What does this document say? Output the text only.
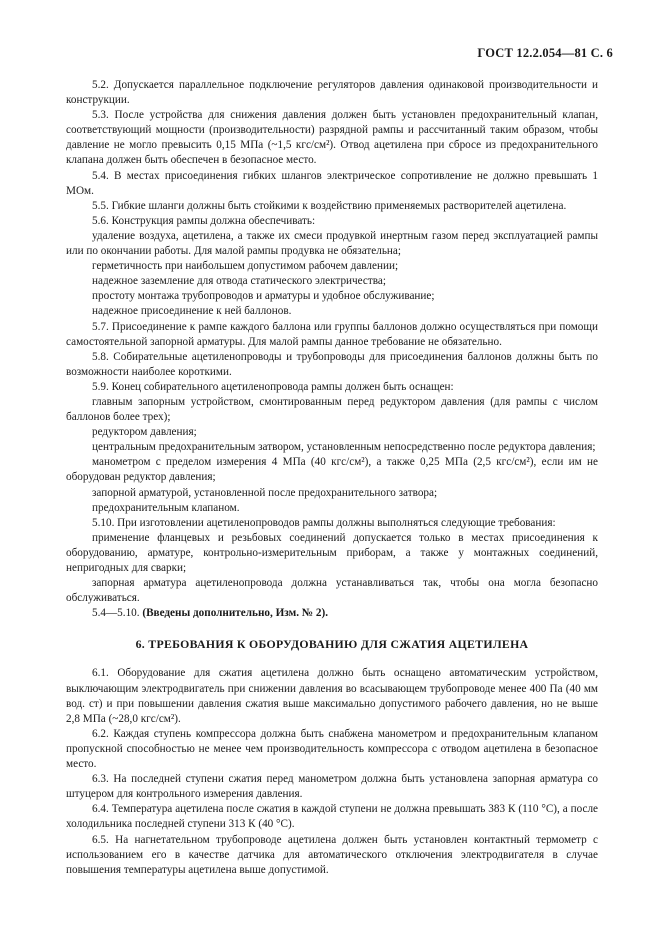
ГОСТ 12.2.054—81 С. 6

5.2. Допускается параллельное подключение регуляторов давления одинаковой производительности и конструкции.

5.3. После устройства для снижения давления должен быть установлен предохранительный клапан, соответствующий мощности (производительности) разрядной рампы и рассчитанный таким образом, чтобы давление не могло превысить 0,15 МПа (~1,5 кгс/см²). Отвод ацетилена при сбросе из предохранительного клапана должен быть обеспечен в безопасное место.

5.4. В местах присоединения гибких шлангов электрическое сопротивление не должно превышать 1 МОм.

5.5. Гибкие шланги должны быть стойкими к воздействию применяемых растворителей ацетилена.

5.6. Конструкция рампы должна обеспечивать:

удаление воздуха, ацетилена, а также их смеси продувкой инертным газом перед эксплуатацией рампы или по окончании работы. Для малой рампы продувка не обязательна;

герметичность при наибольшем допустимом рабочем давлении;

надежное заземление для отвода статического электричества;

простоту монтажа трубопроводов и арматуры и удобное обслуживание;

надежное присоединение к ней баллонов.

5.7. Присоединение к рампе каждого баллона или группы баллонов должно осуществляться при помощи самостоятельной запорной арматуры. Для малой рампы данное требование не обязательно.

5.8. Собирательные ацетиленопроводы и трубопроводы для присоединения баллонов должны быть по возможности наиболее короткими.

5.9. Конец собирательного ацетиленопровода рампы должен быть оснащен:

главным запорным устройством, смонтированным перед редуктором давления (для рампы с числом баллонов более трех);

редуктором давления;

центральным предохранительным затвором, установленным непосредственно после редуктора давления;

манометром с пределом измерения 4 МПа (40 кгс/см²), а также 0,25 МПа (2,5 кгс/см²), если им не оборудован редуктор давления;

запорной арматурой, установленной после предохранительного затвора;

предохранительным клапаном.

5.10. При изготовлении ацетиленопроводов рампы должны выполняться следующие требования:

применение фланцевых и резьбовых соединений допускается только в местах присоединения к оборудованию, арматуре, контрольно-измерительным приборам, а также у монтажных соединений, непригодных для сварки;

запорная арматура ацетиленопровода должна устанавливаться так, чтобы она могла безопасно обслуживаться.

5.4—5.10. (Введены дополнительно, Изм. № 2).

6. ТРЕБОВАНИЯ К ОБОРУДОВАНИЮ ДЛЯ СЖАТИЯ АЦЕТИЛЕНА

6.1. Оборудование для сжатия ацетилена должно быть оснащено автоматическим устройством, выключающим электродвигатель при снижении давления во всасывающем трубопроводе менее 400 Па (40 мм вод. ст) и при повышении давления сжатия выше максимально допустимого рабочего давления, но не выше 2,8 МПа (~28,0 кгс/см²).

6.2. Каждая ступень компрессора должна быть снабжена манометром и предохранительным клапаном пропускной способностью не менее чем производительность компрессора с отводом ацетилена в безопасное место.

6.3. На последней ступени сжатия перед манометром должна быть установлена запорная арматура со штуцером для контрольного измерения давления.

6.4. Температура ацетилена после сжатия в каждой ступени не должна превышать 383 К (110 °С), а после холодильника последней ступени 313 К (40 °С).

6.5. На нагнетательном трубопроводе ацетилена должен быть установлен контактный термометр с использованием его в качестве датчика для автоматического отключения электродвигателя в случае повышения температуры ацетилена выше допустимой.
